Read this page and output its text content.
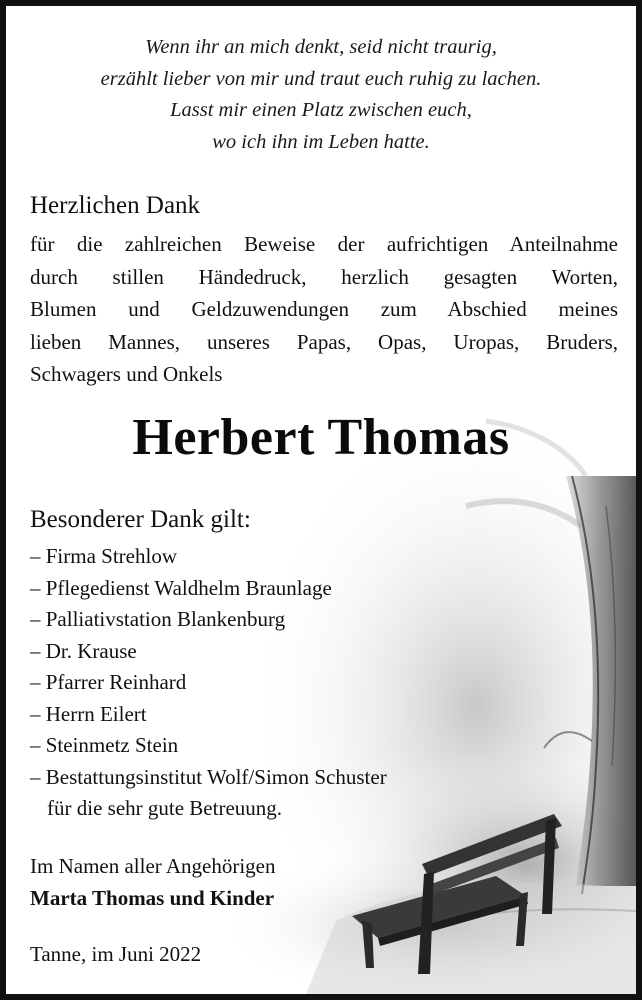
Wenn ihr an mich denkt, seid nicht traurig,
erzählt lieber von mir und traut euch ruhig zu lachen.
Lasst mir einen Platz zwischen euch,
wo ich ihn im Leben hatte.
Herzlichen Dank
für die zahlreichen Beweise der aufrichtigen Anteilnahme
durch stillen Händedruck, herzlich gesagten Worten,
Blumen und Geldzuwendungen zum Abschied meines
lieben Mannes, unseres Papas, Opas, Uropas, Bruders,
Schwagers und Onkels
Herbert Thomas
Besonderer Dank gilt:
– Firma Strehlow
– Pflegedienst Waldhelm Braunlage
– Palliativstation Blankenburg
– Dr. Krause
– Pfarrer Reinhard
– Herrn Eilert
– Steinmetz Stein
– Bestattungsinstitut Wolf/Simon Schuster
für die sehr gute Betreuung.
Im Namen aller Angehörigen
Marta Thomas und Kinder
Tanne, im Juni 2022
